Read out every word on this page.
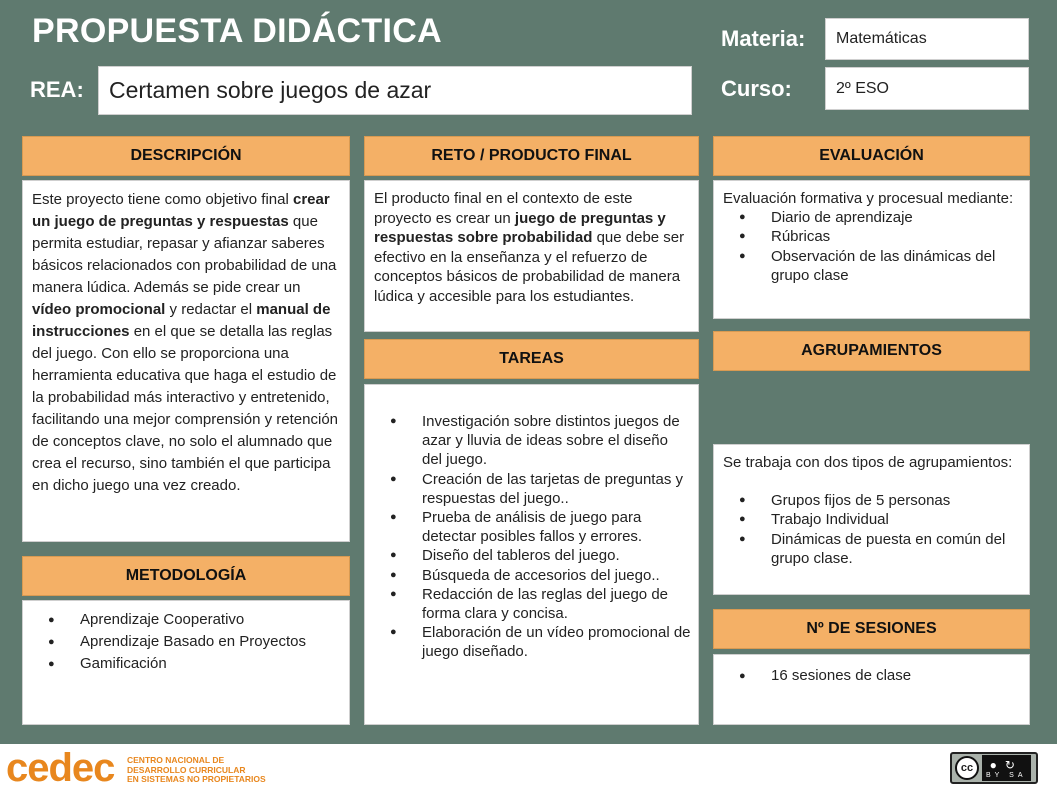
PROPUESTA DIDÁCTICA
REA:	Certamen sobre juegos de azar
Materia:	Matemáticas
Curso:	2º ESO
DESCRIPCIÓN
Este proyecto tiene como objetivo final crear un juego de preguntas y respuestas que permita estudiar, repasar y afianzar saberes básicos relacionados con probabilidad de una manera lúdica. Además se pide crear un vídeo promocional y redactar el manual de instrucciones en el que se detalla las reglas del juego. Con ello se proporciona una herramienta educativa que haga el estudio de la probabilidad más interactivo y entretenido, facilitando una mejor comprensión y retención de conceptos clave, no solo el alumnado que crea el recurso, sino también el que participa en dicho juego una vez creado.
METODOLOGÍA
● Aprendizaje Cooperativo
● Aprendizaje Basado en Proyectos
● Gamificación
RETO / PRODUCTO FINAL
El producto final en el contexto de este proyecto es crear un juego de preguntas y respuestas sobre probabilidad que debe ser efectivo en la enseñanza y el refuerzo de conceptos básicos de probabilidad de manera lúdica y accesible para los estudiantes.
TAREAS
● Investigación sobre distintos juegos de azar y lluvia de ideas sobre el diseño del juego.
● Creación de las tarjetas de preguntas y respuestas del juego..
● Prueba de análisis de juego para detectar posibles fallos y errores.
● Diseño del tableros del juego.
● Búsqueda de accesorios del juego..
● Redacción de las reglas del juego de forma clara y concisa.
● Elaboración de un vídeo promocional de juego diseñado.
EVALUACIÓN
Evaluación formativa y procesual mediante:
● Diario de aprendizaje
● Rúbricas
● Observación de las dinámicas del grupo clase
AGRUPAMIENTOS
Se trabaja con dos tipos de agrupamientos:
● Grupos fijos de 5 personas
● Trabajo Individual
● Dinámicas de puesta en común del grupo clase.
Nº DE SESIONES
● 16 sesiones de clase
cedec CENTRO NACIONAL DE
DESARROLLO CURRICULAR
EN SISTEMAS NO PROPIETARIOS
cc	●↻
BY SA
